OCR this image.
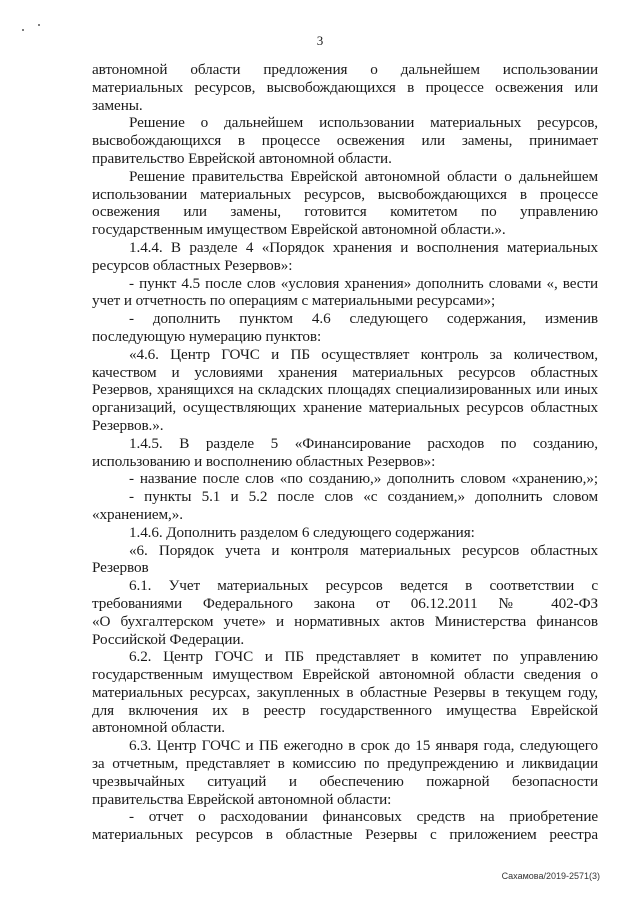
3
автономной области предложения о дальнейшем использовании
материальных ресурсов, высвобождающихся в процессе освежения или
замены.
Решение о дальнейшем использовании материальных ресурсов,
высвобождающихся в процессе освежения или замены, принимает
правительство Еврейской автономной области.
Решение правительства Еврейской автономной области о дальнейшем
использовании материальных ресурсов, высвобождающихся в процессе
освежения или замены, готовится комитетом по управлению
государственным имуществом Еврейской автономной области.».
1.4.4. В разделе 4 «Порядок хранения и восполнения материальных
ресурсов областных Резервов»:
- пункт 4.5 после слов «условия хранения» дополнить словами «, вести
учет и отчетность по операциям с материальными ресурсами»;
- дополнить пунктом 4.6 следующего содержания, изменив
последующую нумерацию пунктов:
«4.6. Центр ГОЧС и ПБ осуществляет контроль за количеством,
качеством и условиями хранения материальных ресурсов областных
Резервов, хранящихся на складских площадях специализированных или иных
организаций, осуществляющих хранение материальных ресурсов областных
Резервов.».
1.4.5. В разделе 5 «Финансирование расходов по созданию,
использованию и восполнению областных Резервов»:
- название после слов «по созданию,» дополнить словом «хранению,»;
- пункты 5.1 и 5.2 после слов «с созданием,» дополнить словом
«хранением,».
1.4.6. Дополнить разделом 6 следующего содержания:
«6. Порядок учета и контроля материальных ресурсов областных
Резервов
6.1. Учет материальных ресурсов ведется в соответствии с
требованиями Федерального закона от 06.12.2011 № 402-ФЗ
«О бухгалтерском учете» и нормативных актов Министерства финансов
Российской Федерации.
6.2. Центр ГОЧС и ПБ представляет в комитет по управлению
государственным имуществом Еврейской автономной области сведения о
материальных ресурсах, закупленных в областные Резервы в текущем году,
для включения их в реестр государственного имущества Еврейской
автономной области.
6.3. Центр ГОЧС и ПБ ежегодно в срок до 15 января года, следующего
за отчетным, представляет в комиссию по предупреждению и ликвидации
чрезвычайных ситуаций и обеспечению пожарной безопасности
правительства Еврейской автономной области:
- отчет о расходовании финансовых средств на приобретение
материальных ресурсов в областные Резервы с приложением реестра
Сахамова/2019-2571(3)
